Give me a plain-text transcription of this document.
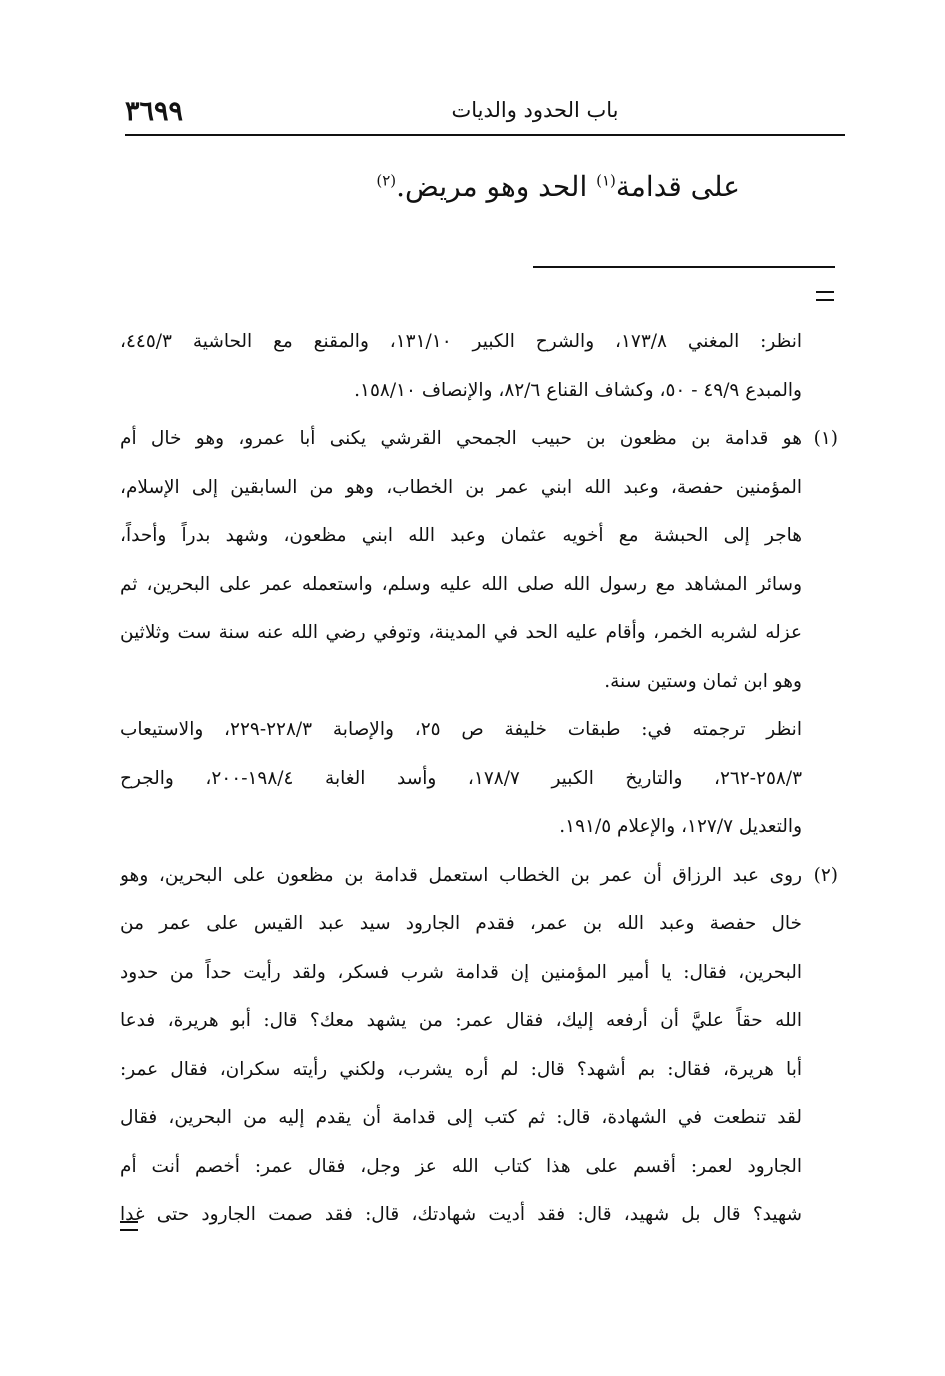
٣٦٩٩	باب الحدود والديات
على قدامة$^{(١)}$ الحد وهو مريض.$^{(٢)}$
انظر: المغني ١٧٣/٨، والشرح الكبير ١٣١/١٠، والمقنع مع الحاشية ٤٤٥/٣،
والمبدع ٤٩/٩ - ٥٠، وكشاف القناع ٨٢/٦، والإنصاف ١٥٨/١٠.
(١)هو قدامة بن مظعون بن حبيب الجمحي القرشي يكنى أبا عمرو، وهو خال أم
المؤمنين حفصة، وعبد الله ابني عمر بن الخطاب، وهو من السابقين إلى الإسلام،
هاجر إلى الحبشة مع أخويه عثمان وعبد الله ابني مظعون، وشهد بدراً وأحداً،
وسائر المشاهد مع رسول الله صلى الله عليه وسلم، واستعمله عمر على البحرين، ثم
عزله لشربه الخمر، وأقام عليه الحد في المدينة، وتوفي رضي الله عنه سنة ست وثلاثين
وهو ابن ثمان وستين سنة.
انظر ترجمته في: طبقات خليفة ص ٢٥، والإصابة ٢٢٨/٣-٢٢٩، والاستيعاب
٢٥٨/٣-٢٦٢، والتاريخ الكبير ١٧٨/٧، وأسد الغابة ١٩٨/٤-٢٠٠، والجرح
والتعديل ١٢٧/٧، والإعلام ١٩١/٥.
(٢)روى عبد الرزاق أن عمر بن الخطاب استعمل قدامة بن مظعون على البحرين، وهو
خال حفصة وعبد الله بن عمر، فقدم الجارود سيد عبد القيس على عمر من
البحرين، فقال: يا أمير المؤمنين إن قدامة شرب فسكر، ولقد رأيت حداً من حدود
الله حقاً عليَّ أن أرفعه إليك، فقال عمر: من يشهد معك؟ قال: أبو هريرة، فدعا
أبا هريرة، فقال: بم أشهد؟ قال: لم أره يشرب، ولكني رأيته سكران، فقال عمر:
لقد تنطعت في الشهادة، قال: ثم كتب إلى قدامة أن يقدم إليه من البحرين، فقال
الجارود لعمر: أقسم على هذا كتاب الله عز وجل، فقال عمر: أخصم أنت أم
شهيد؟ قال بل شهيد، قال: فقد أديت شهادتك، قال: فقد صمت الجارود حتى غدا
